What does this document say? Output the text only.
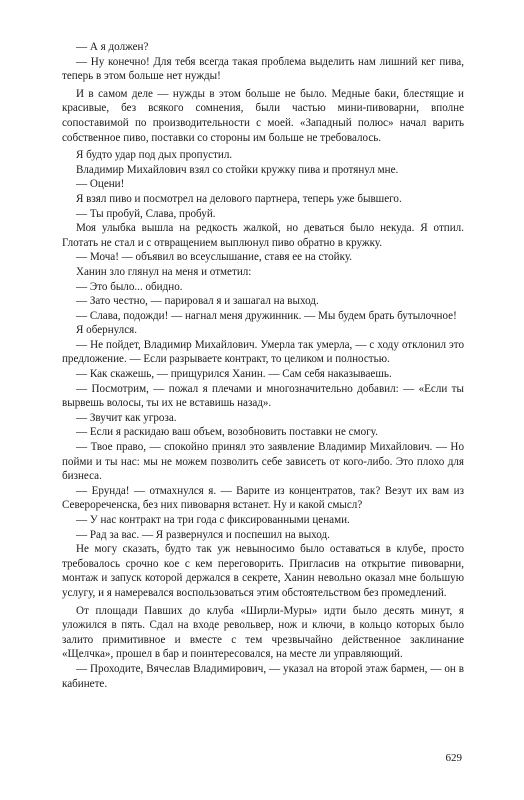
— А я должен?

— Ну конечно! Для тебя всегда такая проблема выделить нам лишний кег пива, теперь в этом больше нет нужды!

И в самом деле — нужды в этом больше не было. Медные баки, блестящие и красивые, без всякого сомнения, были частью мини-пивоварни, вполне сопоставимой по производительности с моей. «Западный полюс» начал варить собственное пиво, поставки со стороны им больше не требовалось.

Я будто удар под дых пропустил.

Владимир Михайлович взял со стойки кружку пива и протянул мне.

— Оцени!

Я взял пиво и посмотрел на делового партнера, теперь уже бывшего.

— Ты пробуй, Слава, пробуй.

Моя улыбка вышла на редкость жалкой, но деваться было некуда. Я отпил. Глотать не стал и с отвращением выплюнул пиво обратно в кружку.

— Моча! — объявил во всеуслышание, ставя ее на стойку.

Ханин зло глянул на меня и отметил:

— Это было... обидно.

— Зато честно, — парировал я и зашагал на выход.

— Слава, подожди! — нагнал меня дружинник. — Мы будем брать бутылочное!

Я обернулся.

— Не пойдет, Владимир Михайлович. Умерла так умерла, — с ходу отклонил это предложение. — Если разрываете контракт, то целиком и полностью.

— Как скажешь, — прищурился Ханин. — Сам себя наказываешь.

— Посмотрим, — пожал я плечами и многозначительно добавил: — «Если ты вырвешь волосы, ты их не вставишь назад».

— Звучит как угроза.

— Если я раскидаю ваш объем, возобновить поставки не смогу.

— Твое право, — спокойно принял это заявление Владимир Михайлович. — Но пойми и ты нас: мы не можем позволить себе зависеть от кого-либо. Это плохо для бизнеса.

— Ерунда! — отмахнулся я. — Варите из концентратов, так? Везут их вам из Северореченска, без них пивоварня встанет. Ну и какой смысл?

— У нас контракт на три года с фиксированными ценами.

— Рад за вас. — Я развернулся и поспешил на выход.

Не могу сказать, будто так уж невыносимо было оставаться в клубе, просто требовалось срочно кое с кем переговорить. Пригласив на открытие пивоварни, монтаж и запуск которой держался в секрете, Ханин невольно оказал мне большую услугу, и я намеревался воспользоваться этим обстоятельством без промедлений.

От площади Павших до клуба «Ширли-Муры» идти было десять минут, я уложился в пять. Сдал на входе револьвер, нож и ключи, в кольцо которых было залито примитивное и вместе с тем чрезвычайно действенное заклинание «Щелчка», прошел в бар и поинтересовался, на месте ли управляющий.

— Проходите, Вячеслав Владимирович, — указал на второй этаж бармен, — он в кабинете.

629
